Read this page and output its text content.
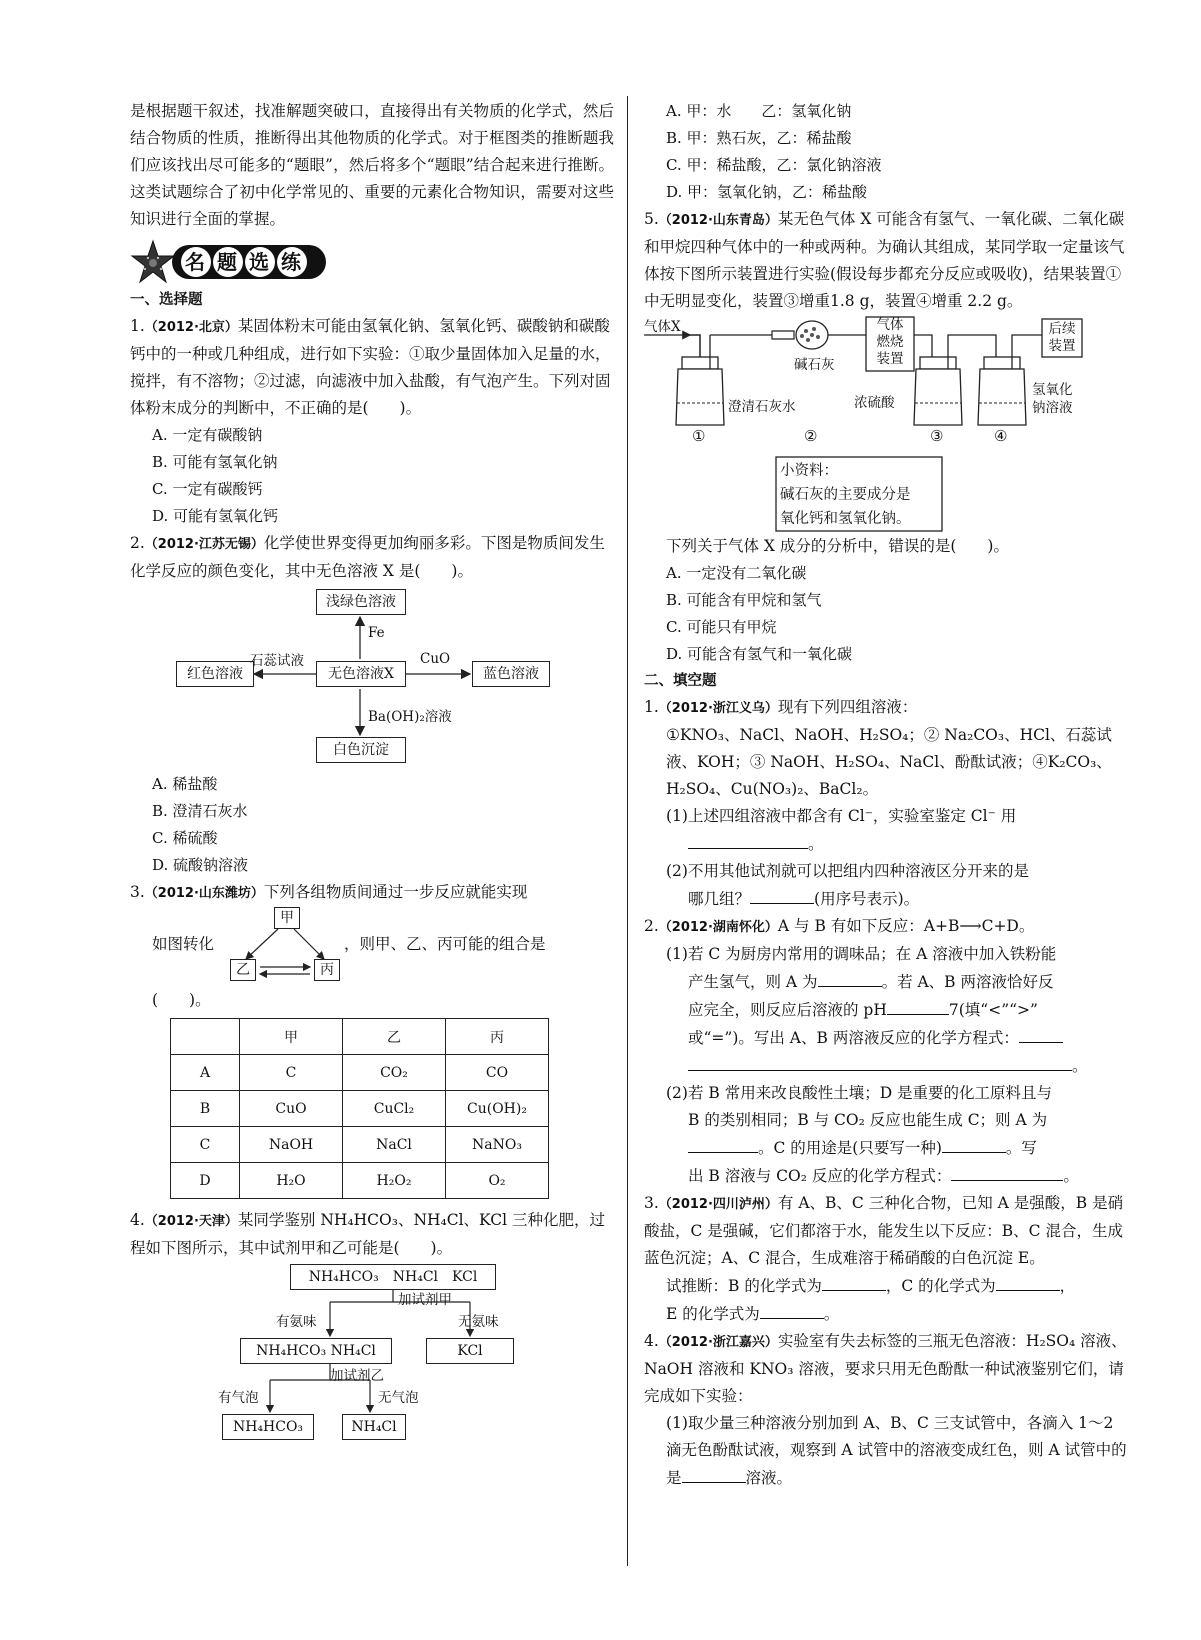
是根据题干叙述，找准解题突破口，直接得出有关物质的化学式，然后结合物质的性质，推断得出其他物质的化学式。对于框图类的推断题我们应该找出尽可能多的“题眼”，然后将多个“题眼”结合起来进行推断。这类试题综合了初中化学常见的、重要的元素化合物知识，需要对这些知识进行全面的掌握。

名 题 选 练

一、选择题

1.（2012·北京）某固体粉末可能由氢氧化钠、氢氧化钙、碳酸钠和碳酸钙中的一种或几种组成，进行如下实验：①取少量固体加入足量的水，搅拌，有不溶物；②过滤，向滤液中加入盐酸，有气泡产生。下列对固体粉末成分的判断中，不正确的是(　　)。

A. 一定有碳酸钠

B. 可能有氢氧化钠

C. 一定有碳酸钙

D. 可能有氢氧化钙

2.（2012·江苏无锡）化学使世界变得更加绚丽多彩。下图是物质间发生化学反应的颜色变化，其中无色溶液 X 是(　　)。

浅绿色溶液
无色溶液X
红色溶液	蓝色溶液
白色沉淀
Fe
石蕊试液	CuO
Ba(OH)₂溶液

A. 稀盐酸

B. 澄清石灰水

C. 稀硫酸

D. 硫酸钠溶液

3.（2012·山东潍坊）下列各组物质间通过一步反应就能实现

如图转化
甲
乙	丙
，则甲、乙、丙可能的组合是

(　　)。

	甲	乙	丙
A	C	CO₂	CO
B	CuO	CuCl₂	Cu(OH)₂
C	NaOH	NaCl	NaNO₃
D	H₂O	H₂O₂	O₂

4.（2012·天津）某同学鉴别 NH₄HCO₃、NH₄Cl、KCl 三种化肥，过程如下图所示，其中试剂甲和乙可能是(　　)。

NH₄HCO₃　NH₄Cl　KCl
加试剂甲
有氨味	无氨味
NH₄HCO₃ NH₄Cl	KCl
加试剂乙
有气泡	无气泡
NH₄HCO₃	NH₄Cl

A. 甲：水　　乙：氢氧化钠

B. 甲：熟石灰，乙：稀盐酸

C. 甲：稀盐酸，乙：氯化钠溶液

D. 甲：氢氧化钠，乙：稀盐酸

5.（2012·山东青岛）某无色气体 X 可能含有氢气、一氧化碳、二氧化碳和甲烷四种气体中的一种或两种。为确认其组成，某同学取一定量该气体按下图所示装置进行实验(假设每步都充分反应或吸收)，结果装置①中无明显变化，装置③增重1.8 g，装置④增重 2.2 g。

气体X
澄清石灰水
碱石灰
气体
燃烧
装置
浓硫酸
氢氧化
钠溶液
后续
装置
①	②	③	④
小资料：
碱石灰的主要成分是
氧化钙和氢氧化钠。

下列关于气体 X 成分的分析中，错误的是(　　)。

A. 一定没有二氧化碳

B. 可能含有甲烷和氢气

C. 可能只有甲烷

D. 可能含有氢气和一氧化碳

二、填空题

1.（2012·浙江义乌）现有下列四组溶液：

①KNO₃、NaCl、NaOH、H₂SO₄；② Na₂CO₃、HCl、石蕊试液、KOH；③ NaOH、H₂SO₄、NaCl、酚酞试液；④K₂CO₃、H₂SO₄、Cu(NO₃)₂、BaCl₂。

(1)上述四组溶液中都含有 Cl⁻，实验室鉴定 Cl⁻ 用

。

(2)不用其他试剂就可以把组内四种溶液区分开来的是

哪几组？	(用序号表示)。

2.（2012·湖南怀化）A 与 B 有如下反应：A+B⟶C+D。

(1)若 C 为厨房内常用的调味品；在 A 溶液中加入铁粉能

产生氢气，则 A 为	。若 A、B 两溶液恰好反

应完全，则反应后溶液的 pH	7(填“<”“>”

或“=”)。写出 A、B 两溶液反应的化学方程式：

。

(2)若 B 常用来改良酸性土壤；D 是重要的化工原料且与

B 的类别相同；B 与 CO₂ 反应也能生成 C；则 A 为

。C 的用途是(只要写一种)	。写

出 B 溶液与 CO₂ 反应的化学方程式：	。

3.（2012·四川泸州）有 A、B、C 三种化合物，已知 A 是强酸，B 是硝酸盐，C 是强碱，它们都溶于水，能发生以下反应：B、C 混合，生成蓝色沉淀；A、C 混合，生成难溶于稀硝酸的白色沉淀 E。

试推断：B 的化学式为	，C 的化学式为	，

E 的化学式为	。

4.（2012·浙江嘉兴）实验室有失去标签的三瓶无色溶液：H₂SO₄ 溶液、NaOH 溶液和 KNO₃ 溶液，要求只用无色酚酞一种试液鉴别它们，请完成如下实验：

(1)取少量三种溶液分别加到 A、B、C 三支试管中，各滴入 1～2 滴无色酚酞试液，观察到 A 试管中的溶液变成红色，则 A 试管中的是	溶液。
